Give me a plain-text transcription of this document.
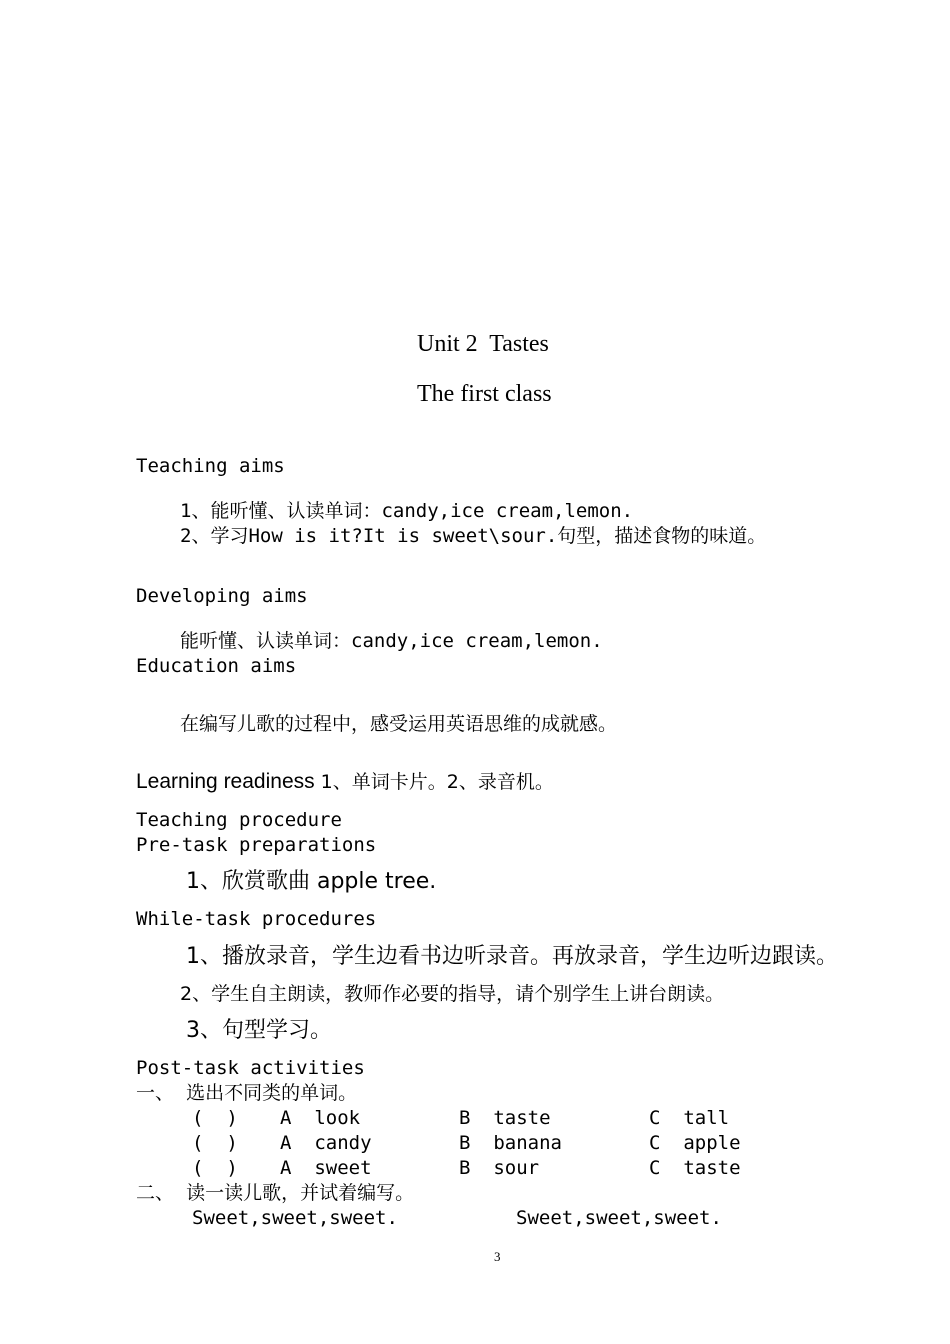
Unit 2  Tastes
The first class
Teaching aims
1、能听懂、认读单词：candy,ice cream,lemon.
2、学习How is it?It is sweet\sour.句型，描述食物的味道。
Developing aims
能听懂、认读单词：candy,ice cream,lemon.
Education aims
在编写儿歌的过程中，感受运用英语思维的成就感。
Learning readiness 1、单词卡片。2、录音机。
Teaching procedure
Pre-task preparations
1、欣赏歌曲 apple tree.
While-task procedures
1、播放录音，学生边看书边听录音。再放录音，学生边听边跟读。
2、学生自主朗读，教师作必要的指导，请个别学生上讲台朗读。
3、句型学习。
Post-task activities
一、  选出不同类的单词。
(  ) A  look	B  taste	C  tall
(  ) A  candy	B  banana	C  apple
(  ) A  sweet	B  sour	C  taste
二、  读一读儿歌，并试着编写。
Sweet,sweet,sweet.	Sweet,sweet,sweet.
3
